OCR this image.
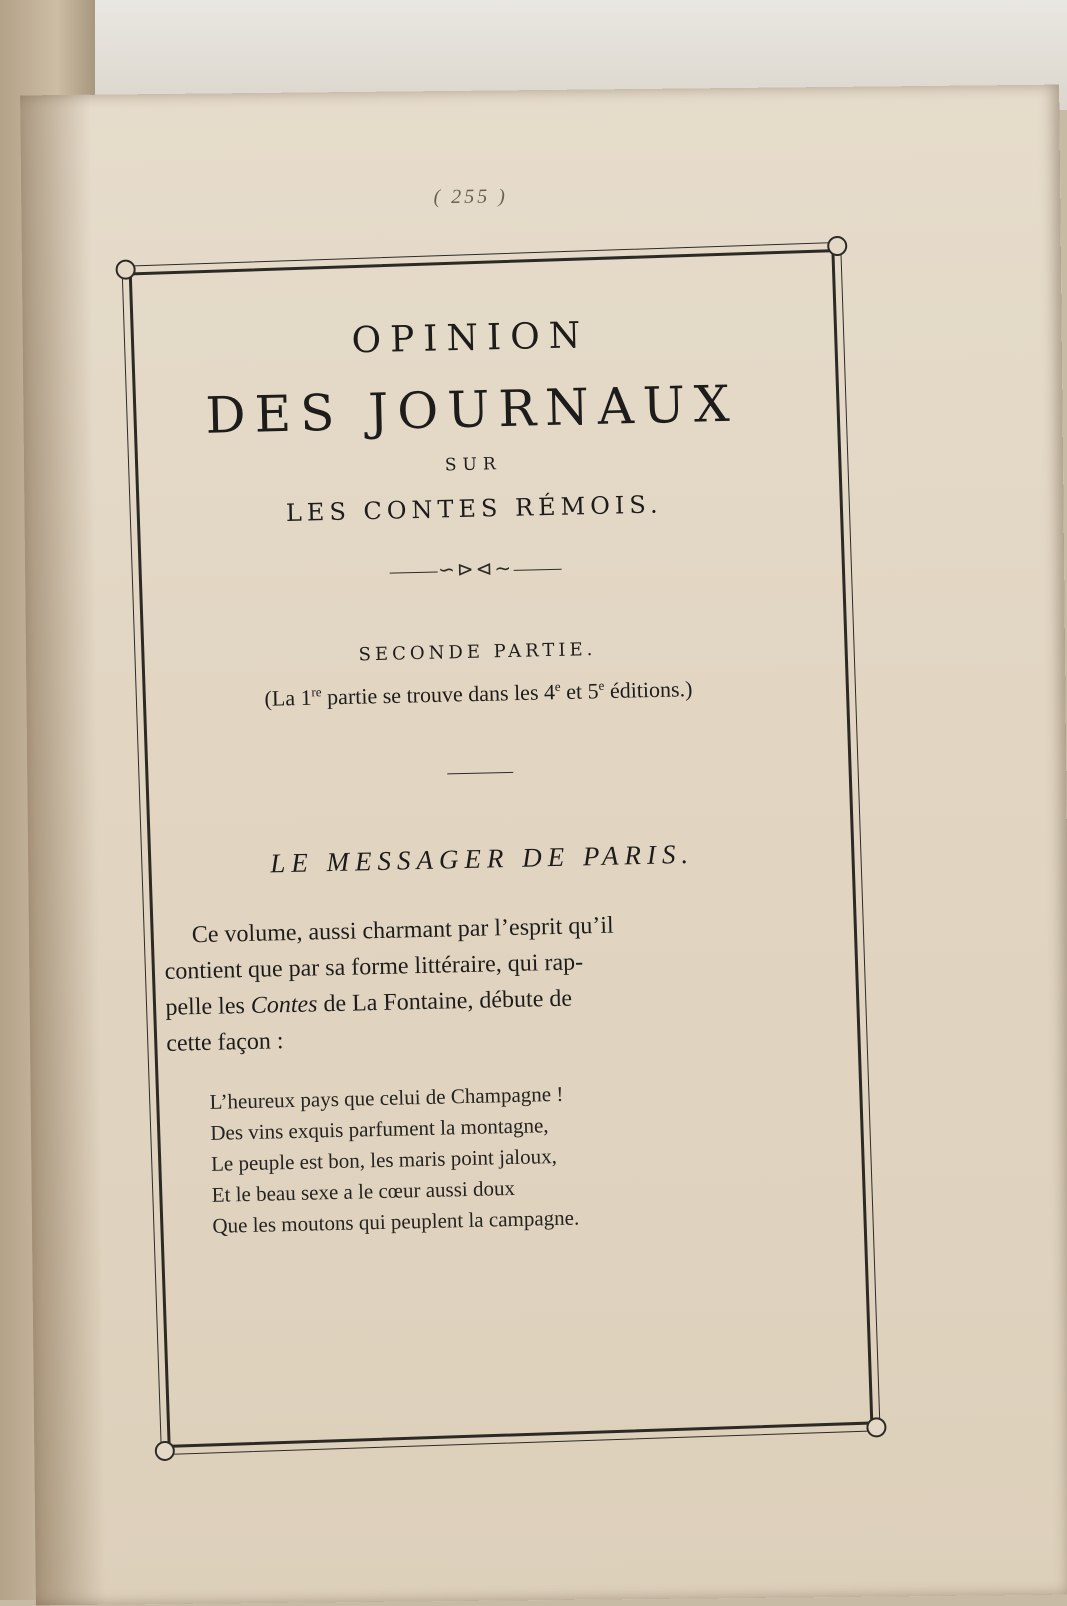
( 255 )

OPINION

DES JOURNAUX

SUR

LES CONTES RÉMOIS.

∽⊳⊲∼

SECONDE PARTIE.

(La 1re partie se trouve dans les 4e et 5e éditions.)

LE MESSAGER DE PARIS.

Ce volume, aussi charmant par l’esprit qu’il
contient que par sa forme littéraire, qui rap-
pelle les Contes de La Fontaine, débute de
cette façon :
L’heureux pays que celui de Champagne !
Des vins exquis parfument la montagne,
Le peuple est bon, les maris point jaloux,
Et le beau sexe a le cœur aussi doux
Que les moutons qui peuplent la campagne.
